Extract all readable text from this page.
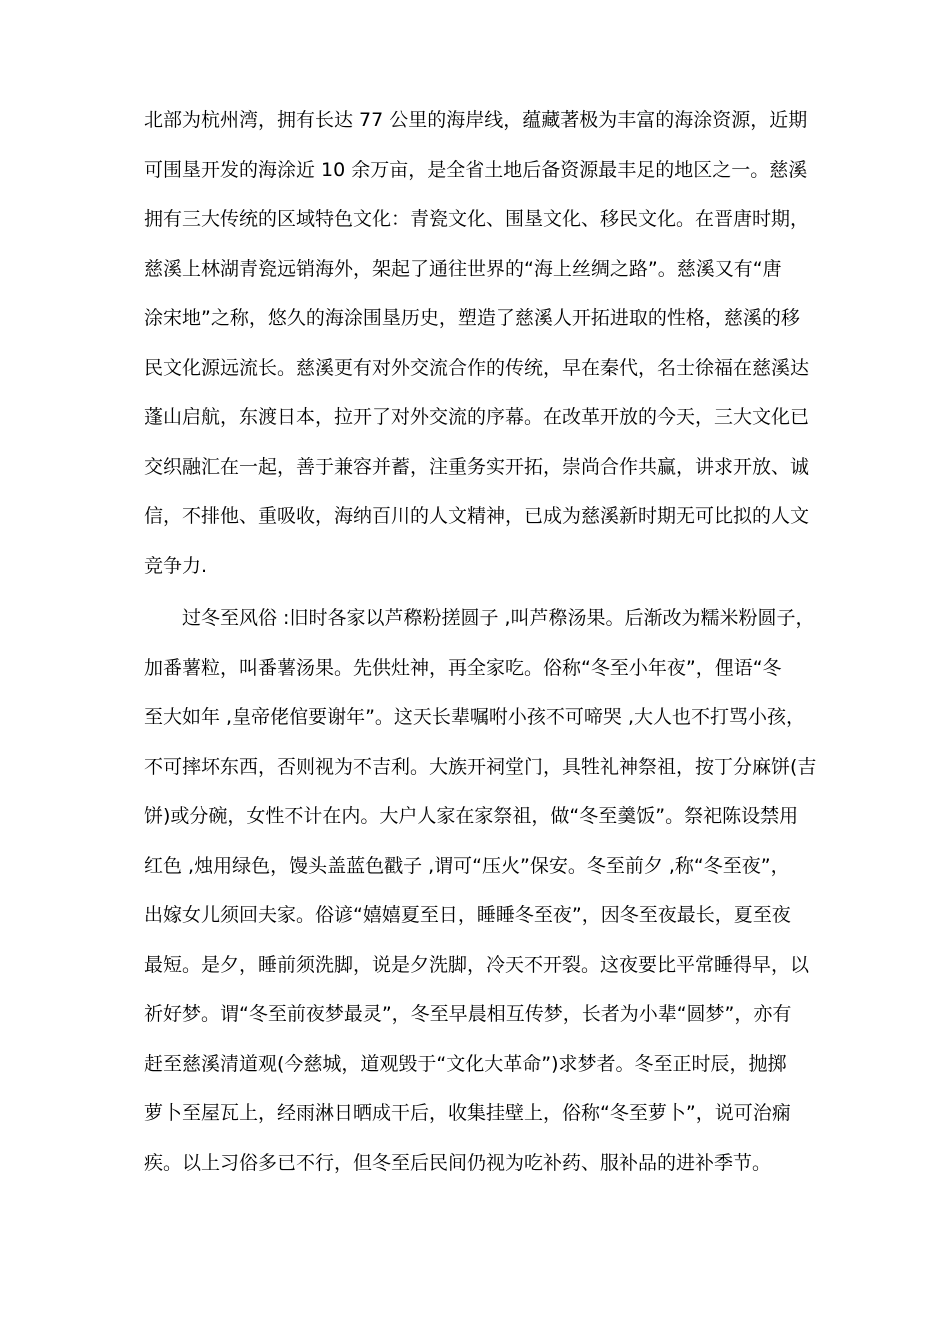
北部为杭州湾，拥有长达 77 公里的海岸线，蕴藏著极为丰富的海涂资源，近期
可围垦开发的海涂近 10 余万亩，是全省土地后备资源最丰足的地区之一。慈溪
拥有三大传统的区域特色文化：青瓷文化、围垦文化、移民文化。在晋唐时期，
慈溪上林湖青瓷远销海外，架起了通往世界的“海上丝绸之路”。慈溪又有“唐
涂宋地”之称，悠久的海涂围垦历史，塑造了慈溪人开拓进取的性格，慈溪的移
民文化源远流长。慈溪更有对外交流合作的传统，早在秦代，名士徐福在慈溪达
蓬山启航，东渡日本，拉开了对外交流的序幕。在改革开放的今天，三大文化已
交织融汇在一起，善于兼容并蓄，注重务实开拓，崇尚合作共赢，讲求开放、诚
信，不排他、重吸收，海纳百川的人文精神，已成为慈溪新时期无可比拟的人文
竞争力.
过冬至风俗 :旧时各家以芦穄粉搓圆子 ,叫芦穄汤果。后渐改为糯米粉圆子，
加番薯粒，叫番薯汤果。先供灶神，再全家吃。俗称“冬至小年夜”，俚语“冬
至大如年 ,皇帝佬倌要谢年”。这天长辈嘱咐小孩不可啼哭 ,大人也不打骂小孩，
不可摔坏东西，否则视为不吉利。大族开祠堂门，具牲礼神祭祖，按丁分麻饼(吉
饼)或分碗，女性不计在内。大户人家在家祭祖，做“冬至羹饭”。祭祀陈设禁用
红色 ,烛用绿色，馒头盖蓝色戳子 ,谓可“压火”保安。冬至前夕 ,称“冬至夜”，
出嫁女儿须回夫家。俗谚“嬉嬉夏至日，睡睡冬至夜”，因冬至夜最长，夏至夜
最短。是夕，睡前须洗脚，说是夕洗脚，冷天不开裂。这夜要比平常睡得早，以
祈好梦。谓“冬至前夜梦最灵”，冬至早晨相互传梦，长者为小辈“圆梦”，亦有
赶至慈溪清道观(今慈城，道观毁于“文化大革命”)求梦者。冬至正时辰，抛掷
萝卜至屋瓦上，经雨淋日晒成干后，收集挂壁上，俗称“冬至萝卜”，说可治痫
疾。以上习俗多已不行，但冬至后民间仍视为吃补药、服补品的进补季节。
